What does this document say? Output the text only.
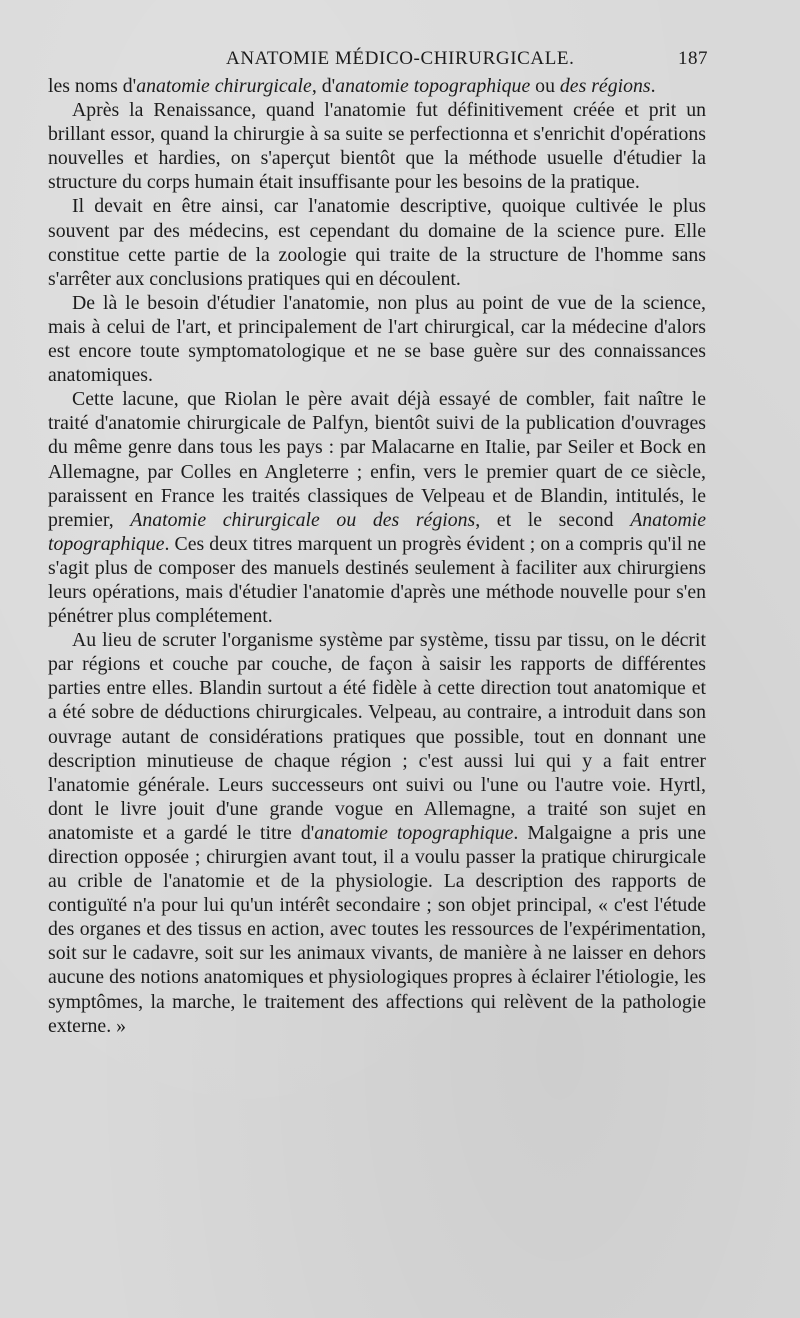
ANATOMIE MÉDICO-CHIRURGICALE.	187

les noms d'anatomie chirurgicale, d'anatomie topographique ou des régions.

Après la Renaissance, quand l'anatomie fut définitivement créée et prit un brillant essor, quand la chirurgie à sa suite se perfectionna et s'enrichit d'opérations nouvelles et hardies, on s'aperçut bientôt que la méthode usuelle d'étudier la structure du corps humain était insuffisante pour les besoins de la pratique.

Il devait en être ainsi, car l'anatomie descriptive, quoique cultivée le plus souvent par des médecins, est cependant du domaine de la science pure. Elle constitue cette partie de la zoologie qui traite de la structure de l'homme sans s'arrêter aux conclusions pratiques qui en découlent.

De là le besoin d'étudier l'anatomie, non plus au point de vue de la science, mais à celui de l'art, et principalement de l'art chirurgical, car la médecine d'alors est encore toute symptomatologique et ne se base guère sur des connaissances anatomiques.

Cette lacune, que Riolan le père avait déjà essayé de combler, fait naître le traité d'anatomie chirurgicale de Palfyn, bientôt suivi de la publication d'ouvrages du même genre dans tous les pays : par Malacarne en Italie, par Seiler et Bock en Allemagne, par Colles en Angleterre ; enfin, vers le premier quart de ce siècle, paraissent en France les traités classiques de Velpeau et de Blandin, intitulés, le premier, Anatomie chirurgicale ou des régions, et le second Anatomie topographique. Ces deux titres marquent un progrès évident ; on a compris qu'il ne s'agit plus de composer des manuels destinés seulement à faciliter aux chirurgiens leurs opérations, mais d'étudier l'anatomie d'après une méthode nouvelle pour s'en pénétrer plus complétement.

Au lieu de scruter l'organisme système par système, tissu par tissu, on le décrit par régions et couche par couche, de façon à saisir les rapports de différentes parties entre elles. Blandin surtout a été fidèle à cette direction tout anatomique et a été sobre de déductions chirurgicales. Velpeau, au contraire, a introduit dans son ouvrage autant de considérations pratiques que possible, tout en donnant une description minutieuse de chaque région ; c'est aussi lui qui y a fait entrer l'anatomie générale. Leurs successeurs ont suivi ou l'une ou l'autre voie. Hyrtl, dont le livre jouit d'une grande vogue en Allemagne, a traité son sujet en anatomiste et a gardé le titre d'anatomie topographique. Malgaigne a pris une direction opposée ; chirurgien avant tout, il a voulu passer la pratique chirurgicale au crible de l'anatomie et de la physiologie. La description des rapports de contiguïté n'a pour lui qu'un intérêt secondaire ; son objet principal, « c'est l'étude des organes et des tissus en action, avec toutes les ressources de l'expérimentation, soit sur le cadavre, soit sur les animaux vivants, de manière à ne laisser en dehors aucune des notions anatomiques et physiologiques propres à éclairer l'étiologie, les symptômes, la marche, le traitement des affections qui relèvent de la pathologie externe. »
